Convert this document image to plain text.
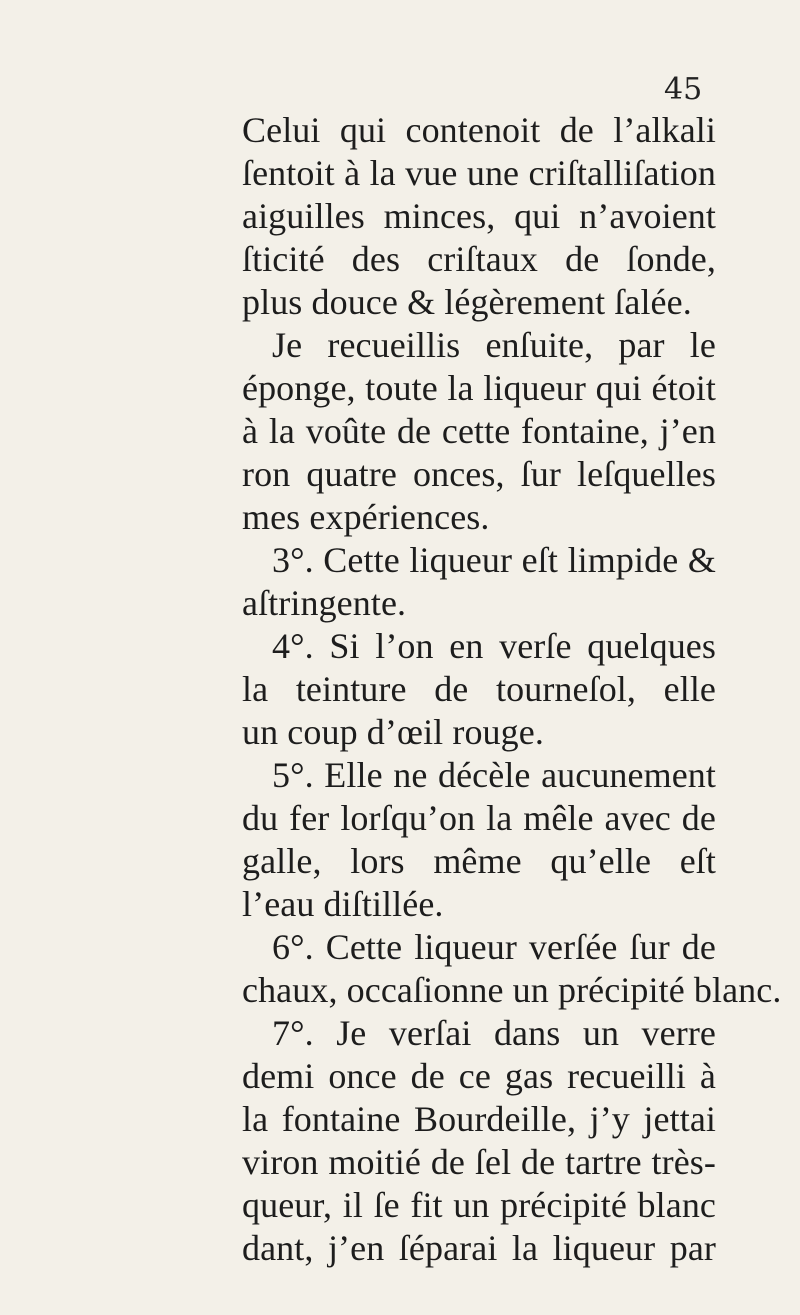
45
Celui qui contenoit de l’alkali
ſentoit à la vue une criſtalliſation
aiguilles minces, qui n’avoient
ſticité des criſtaux de ſonde,
plus douce & légèrement ſalée.
Je recueillis enſuite, par le
éponge, toute la liqueur qui étoit
à la voûte de cette fontaine, j’en
ron quatre onces, ſur leſquelles
mes expériences.
3°. Cette liqueur eſt limpide &
aſtringente.
4°. Si l’on en verſe quelques
la teinture de tourneſol, elle
un coup d’œil rouge.
5°. Elle ne décèle aucunement
du fer lorſqu’on la mêle avec de
galle, lors même qu’elle eſt
l’eau diſtillée.
6°. Cette liqueur verſée ſur de
chaux, occaſionne un précipité blanc.
7°. Je verſai dans un verre
demi once de ce gas recueilli à
la fontaine Bourdeille, j’y jettai
viron moitié de ſel de tartre très-
queur, il ſe fit un précipité blanc
dant, j’en ſéparai la liqueur par
